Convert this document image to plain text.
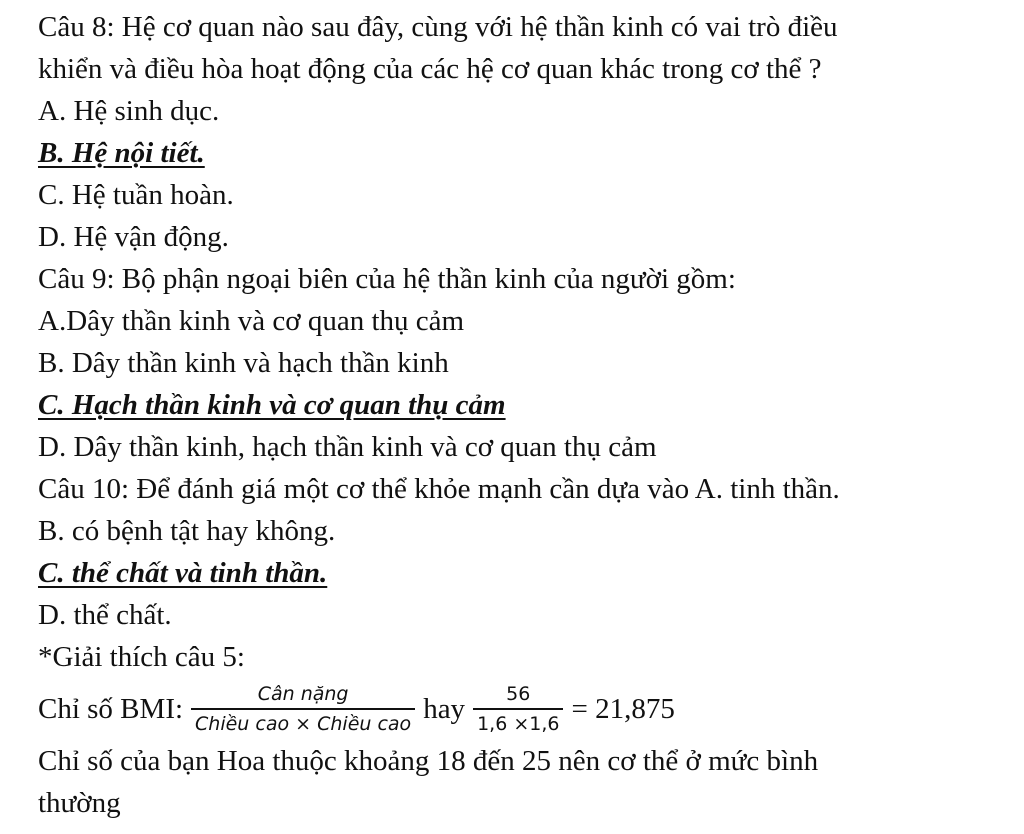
Câu 8: Hệ cơ quan nào sau đây, cùng với hệ thần kinh có vai trò điều
khiển và điều hòa hoạt động của các hệ cơ quan khác trong cơ thể ?
A. Hệ sinh dục.
B. Hệ nội tiết.
C. Hệ tuần hoàn.
D. Hệ vận động.
Câu 9: Bộ phận ngoại biên của hệ thần kinh của người gồm:
A.Dây thần kinh và cơ quan thụ cảm
B. Dây thần kinh và hạch thần kinh
C. Hạch thần kinh và cơ quan thụ cảm
D. Dây thần kinh, hạch thần kinh và cơ quan thụ cảm
Câu 10: Để đánh giá một cơ thể khỏe mạnh cần dựa vào A. tinh thần.
B. có bệnh tật hay không.
C. thể chất và tinh thần.
D. thể chất.
*Giải thích câu 5:
Chỉ số BMI: $\frac{\text{Cân nặng}}{\text{Chiều cao × Chiều cao}}$ hay $\frac{56}{1,6 \times 1,6} = 21,875$
Chỉ số của bạn Hoa thuộc khoảng 18 đến 25 nên cơ thể ở mức bình
thường
